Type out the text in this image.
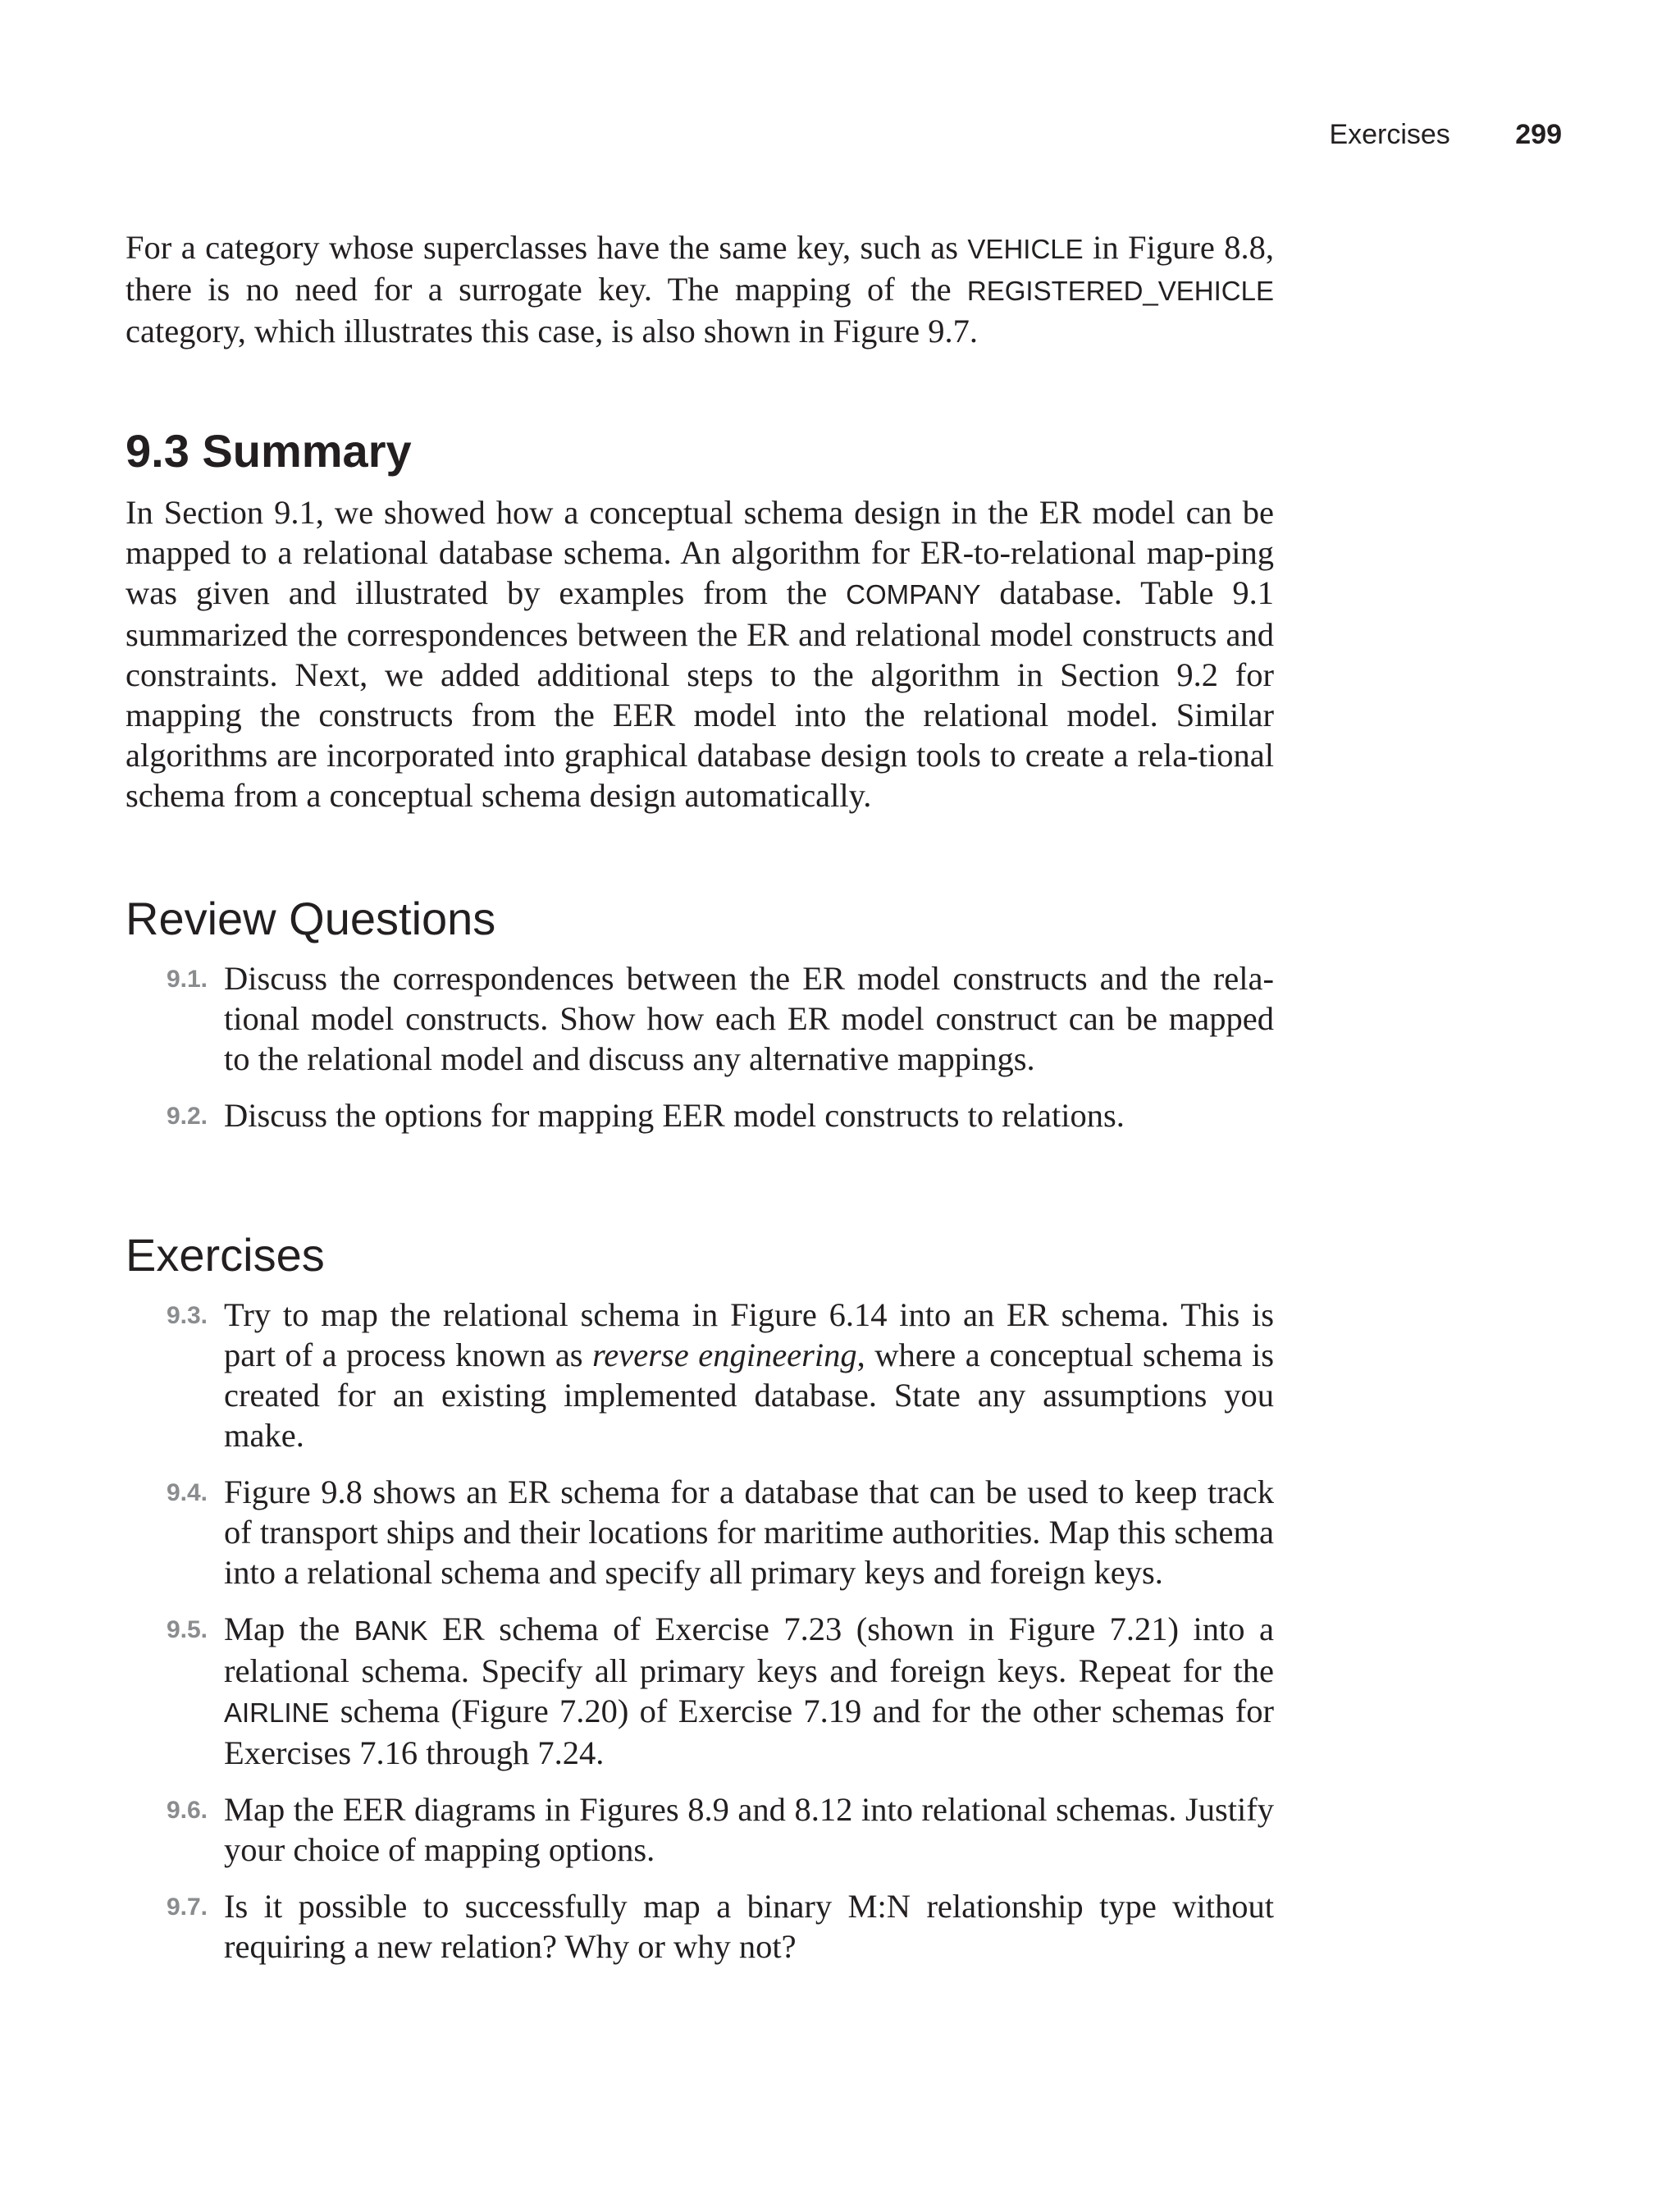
Exercises 299

For a category whose superclasses have the same key, such as VEHICLE in Figure 8.8, there is no need for a surrogate key. The mapping of the REGISTERED_VEHICLE category, which illustrates this case, is also shown in Figure 9.7.

9.3 Summary

In Section 9.1, we showed how a conceptual schema design in the ER model can be mapped to a relational database schema. An algorithm for ER-to-relational map-ping was given and illustrated by examples from the COMPANY database. Table 9.1 summarized the correspondences between the ER and relational model constructs and constraints. Next, we added additional steps to the algorithm in Section 9.2 for mapping the constructs from the EER model into the relational model. Similar algorithms are incorporated into graphical database design tools to create a rela-tional schema from a conceptual schema design automatically.

Review Questions
9.1. Discuss the correspondences between the ER model constructs and the rela-tional model constructs. Show how each ER model construct can be mapped to the relational model and discuss any alternative mappings.

9.2. Discuss the options for mapping EER model constructs to relations.

Exercises
9.3. Try to map the relational schema in Figure 6.14 into an ER schema. This is part of a process known as reverse engineering, where a conceptual schema is created for an existing implemented database. State any assumptions you make.

9.4. Figure 9.8 shows an ER schema for a database that can be used to keep track of transport ships and their locations for maritime authorities. Map this schema into a relational schema and specify all primary keys and foreign keys.

9.5. Map the BANK ER schema of Exercise 7.23 (shown in Figure 7.21) into a relational schema. Specify all primary keys and foreign keys. Repeat for the AIRLINE schema (Figure 7.20) of Exercise 7.19 and for the other schemas for Exercises 7.16 through 7.24.

9.6. Map the EER diagrams in Figures 8.9 and 8.12 into relational schemas. Justify your choice of mapping options.

9.7. Is it possible to successfully map a binary M:N relationship type without requiring a new relation? Why or why not?
